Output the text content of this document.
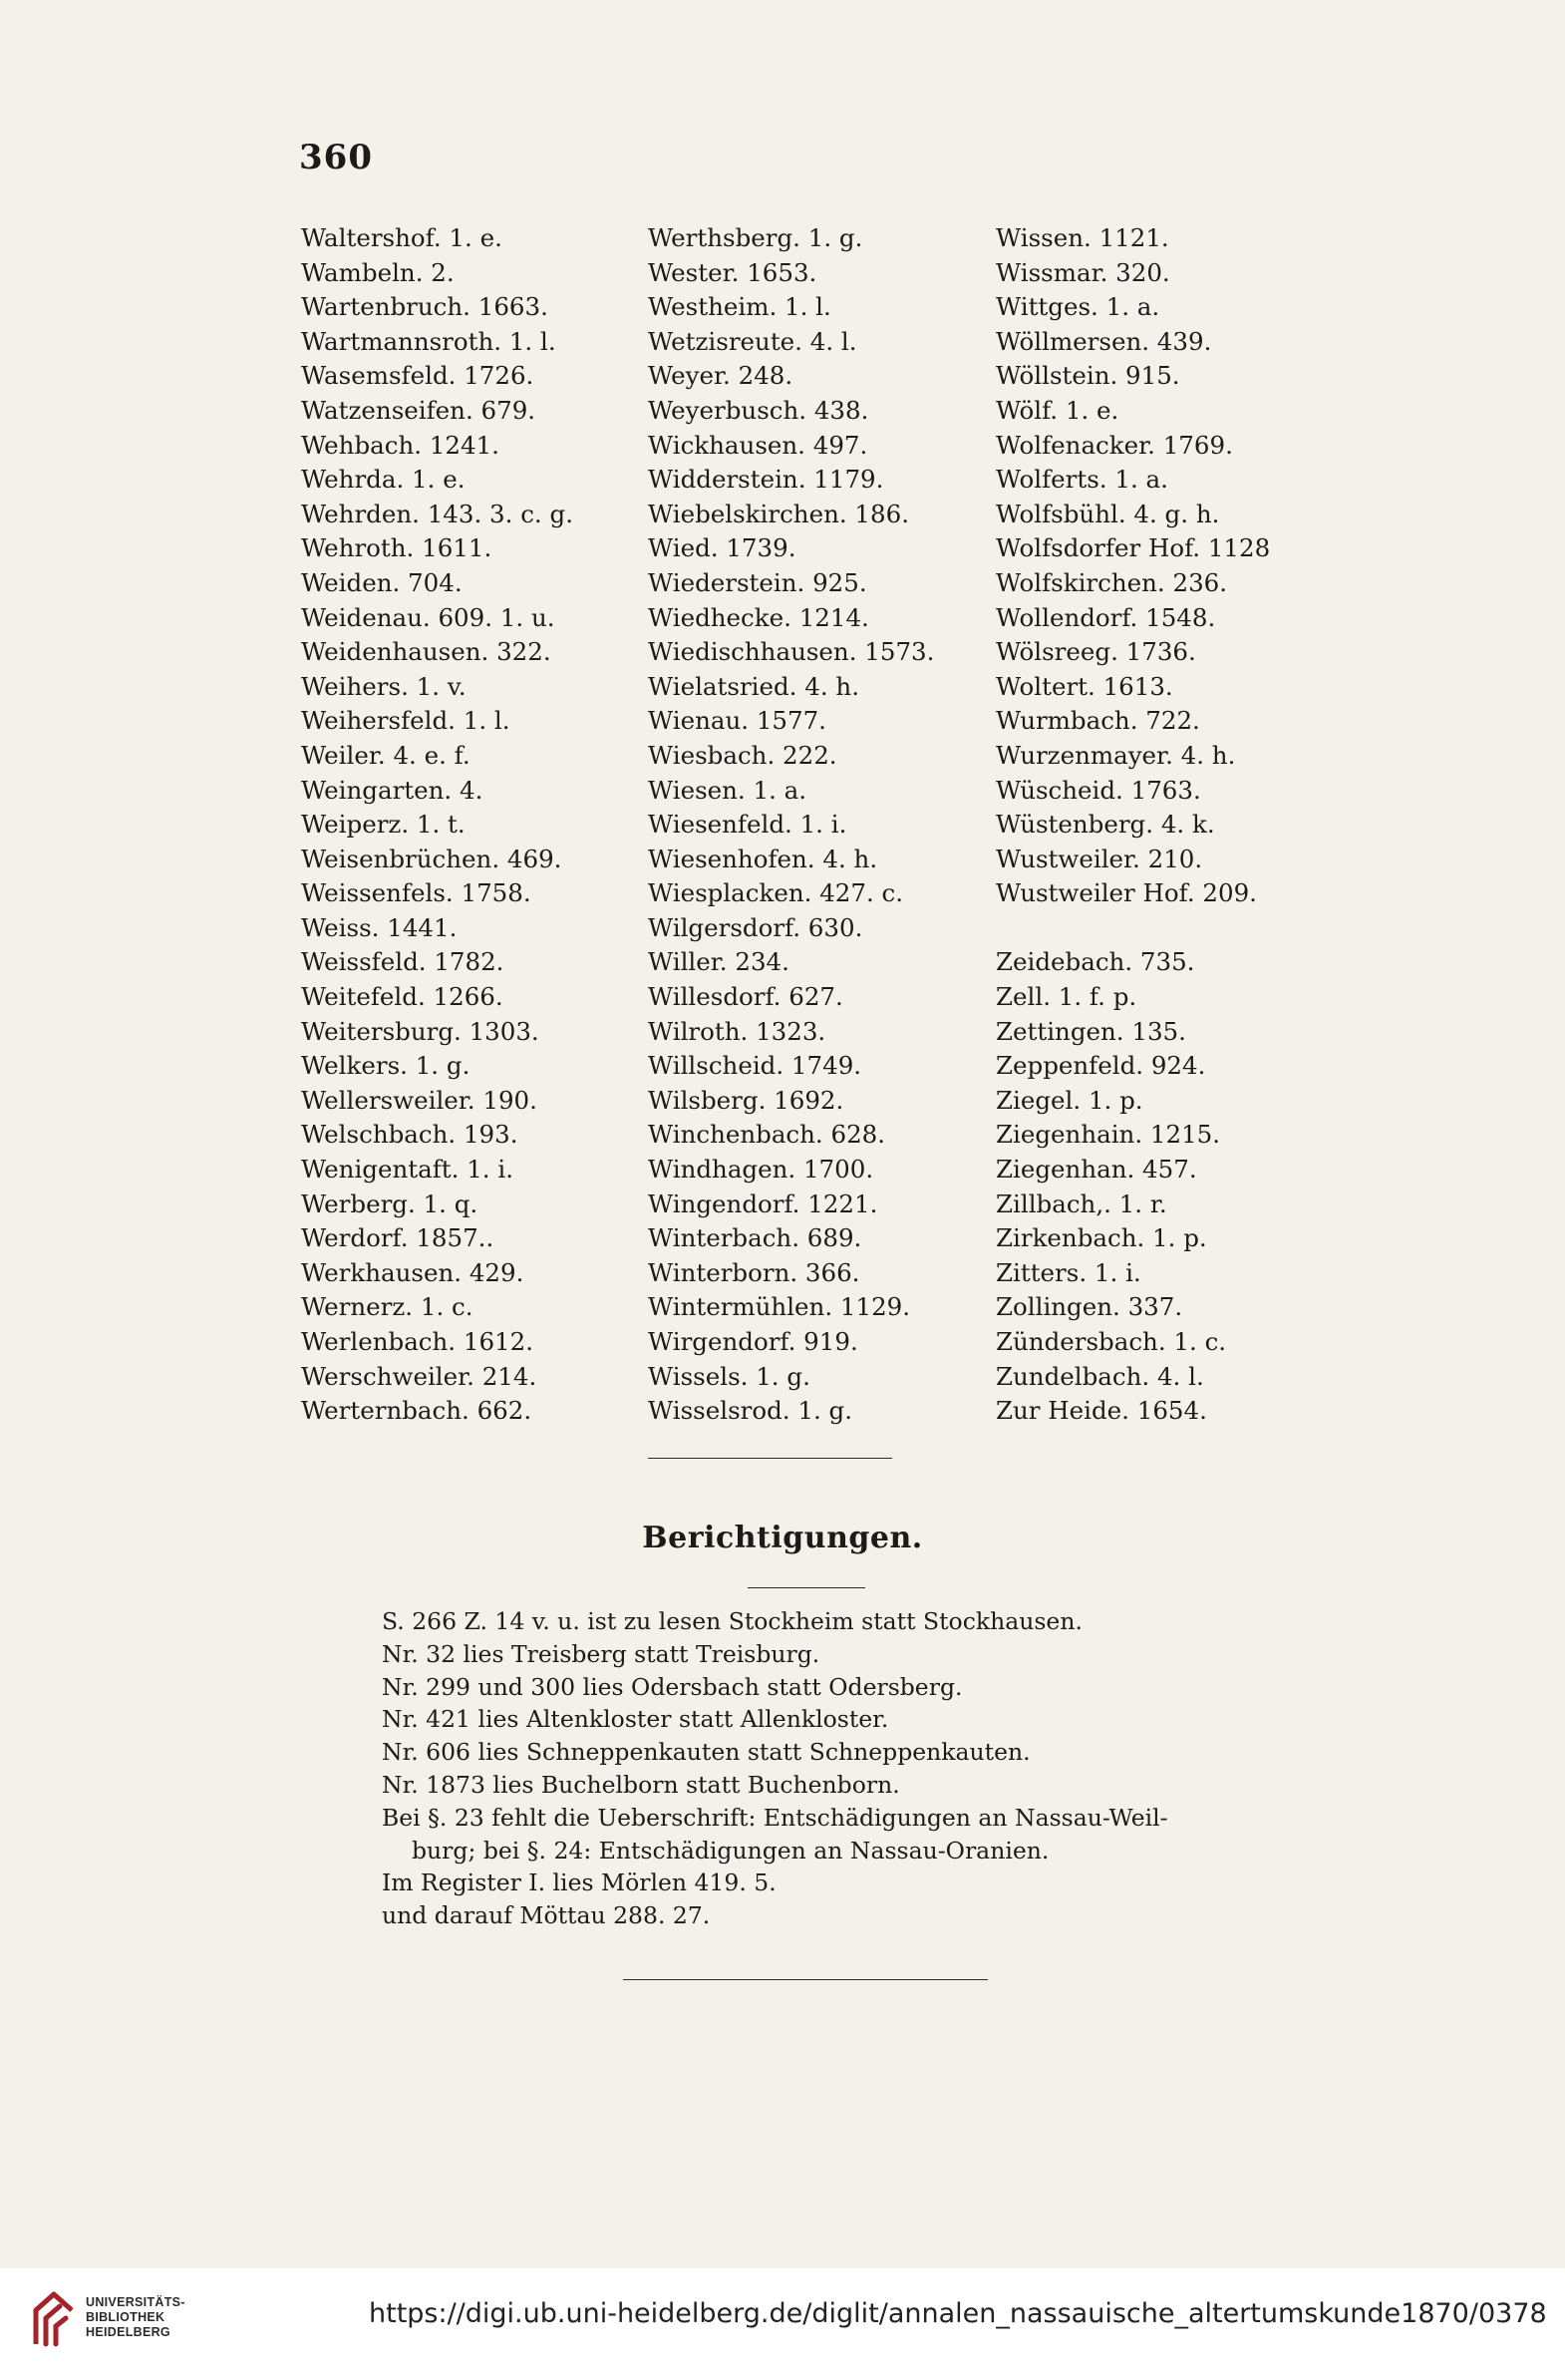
360
Waltershof. 1. e.
Wambeln. 2.
Wartenbruch. 1663.
Wartmannsroth. 1. l.
Wasemsfeld. 1726.
Watzenseifen. 679.
Wehbach. 1241.
Wehrda. 1. e.
Wehrden. 143. 3. c. g.
Wehroth. 1611.
Weiden. 704.
Weidenau. 609. 1. u.
Weidenhausen. 322.
Weihers. 1. v.
Weihersfeld. 1. l.
Weiler. 4. e. f.
Weingarten. 4.
Weiperz. 1. t.
Weisenbrüchen. 469.
Weissenfels. 1758.
Weiss. 1441.
Weissfeld. 1782.
Weitefeld. 1266.
Weitersburg. 1303.
Welkers. 1. g.
Wellersweiler. 190.
Welschbach. 193.
Wenigentaft. 1. i.
Werberg. 1. q.
Werdorf. 1857..
Werkhausen. 429.
Wernerz. 1. c.
Werlenbach. 1612.
Werschweiler. 214.
Werternbach. 662.
Werthsberg. 1. g.
Wester. 1653.
Westheim. 1. l.
Wetzisreute. 4. l.
Weyer. 248.
Weyerbusch. 438.
Wickhausen. 497.
Widderstein. 1179.
Wiebelskirchen. 186.
Wied. 1739.
Wiederstein. 925.
Wiedhecke. 1214.
Wiedischhausen. 1573.
Wielatsried. 4. h.
Wienau. 1577.
Wiesbach. 222.
Wiesen. 1. a.
Wiesenfeld. 1. i.
Wiesenhofen. 4. h.
Wiesplacken. 427. c.
Wilgersdorf. 630.
Willer. 234.
Willesdorf. 627.
Wilroth. 1323.
Willscheid. 1749.
Wilsberg. 1692.
Winchenbach. 628.
Windhagen. 1700.
Wingendorf. 1221.
Winterbach. 689.
Winterborn. 366.
Wintermühlen. 1129.
Wirgendorf. 919.
Wissels. 1. g.
Wisselsrod. 1. g.
Wissen. 1121.
Wissmar. 320.
Wittges. 1. a.
Wöllmersen. 439.
Wöllstein. 915.
Wölf. 1. e.
Wolfenacker. 1769.
Wolferts. 1. a.
Wolfsbühl. 4. g. h.
Wolfsdorfer Hof. 1128
Wolfskirchen. 236.
Wollendorf. 1548.
Wölsreeg. 1736.
Woltert. 1613.
Wurmbach. 722.
Wurzenmayer. 4. h.
Wüscheid. 1763.
Wüstenberg. 4. k.
Wustweiler. 210.
Wustweiler Hof. 209.
Zeidebach. 735.
Zell. 1. f. p.
Zettingen. 135.
Zeppenfeld. 924.
Ziegel. 1. p.
Ziegenhain. 1215.
Ziegenhan. 457.
Zillbach,. 1. r.
Zirkenbach. 1. p.
Zitters. 1. i.
Zollingen. 337.
Zündersbach. 1. c.
Zundelbach. 4. l.
Zur Heide. 1654.
Berichtigungen.
S. 266 Z. 14 v. u. ist zu lesen Stockheim statt Stockhausen.
Nr. 32 lies Treisberg statt Treisburg.
Nr. 299 und 300 lies Odersbach statt Odersberg.
Nr. 421 lies Altenkloster statt Allenkloster.
Nr. 606 lies Schneppenkauten statt Schneppenkauten.
Nr. 1873 lies Buchelborn statt Buchenborn.
Bei §. 23 fehlt die Ueberschrift: Entschädigungen an Nassau-Weil-
burg; bei §. 24: Entschädigungen an Nassau-Oranien.
Im Register I. lies Mörlen 419. 5.
und darauf Möttau 288. 27.
UNIVERSITÄTS-
BIBLIOTHEK
HEIDELBERG
https://digi.ub.uni-heidelberg.de/diglit/annalen_nassauische_altertumskunde1870/0378
